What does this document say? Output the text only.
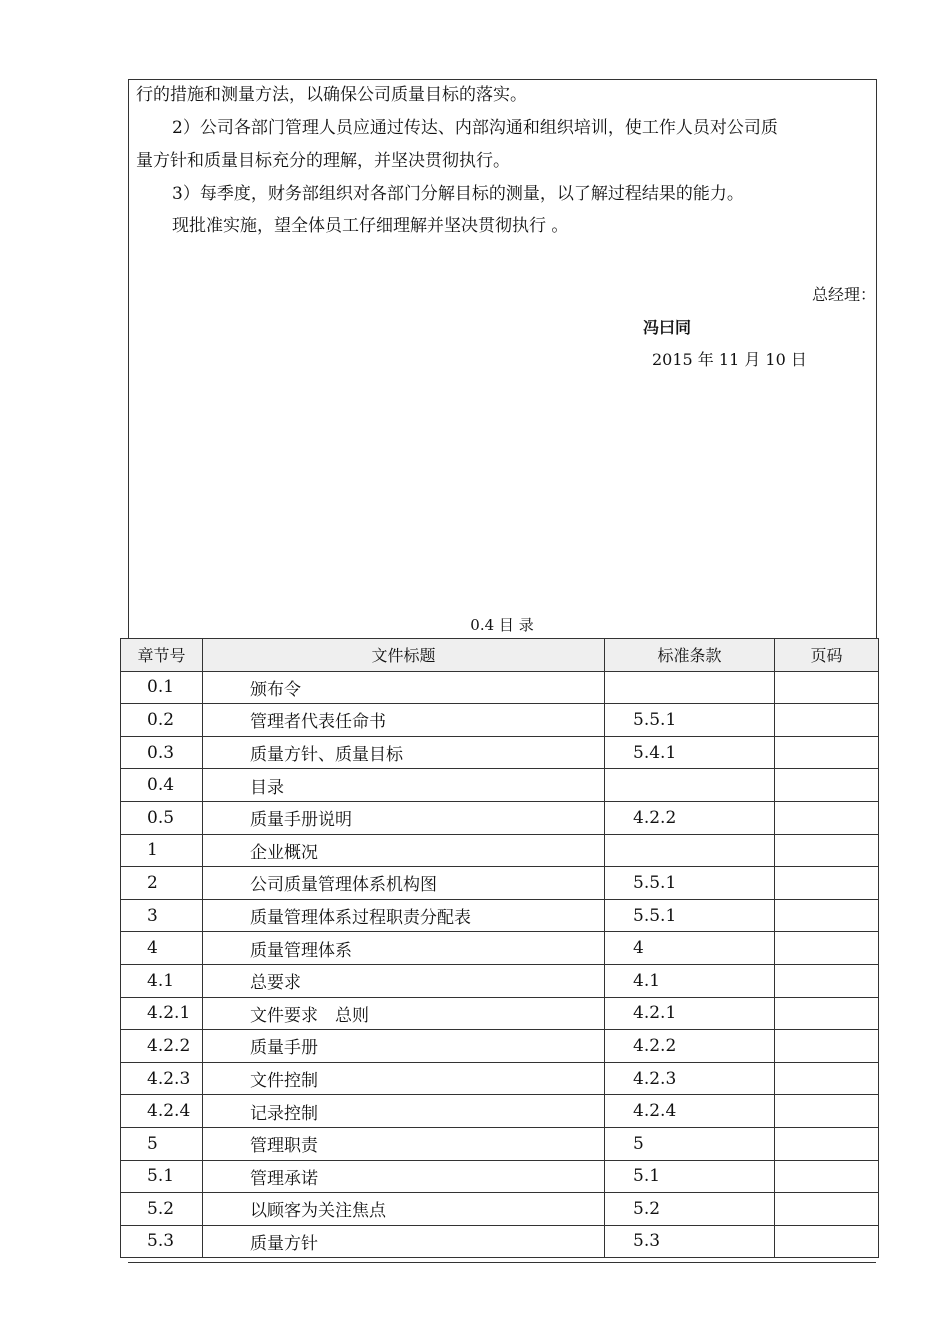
行的措施和测量方法，以确保公司质量目标的落实。
2）公司各部门管理人员应通过传达、内部沟通和组织培训，使工作人员对公司质
量方针和质量目标充分的理解，并坚决贯彻执行。
3）每季度，财务部组织对各部门分解目标的测量，以了解过程结果的能力。
现批准实施，望全体员工仔细理解并坚决贯彻执行 。
总经理：
冯曰同
2015 年 11 月 10 日
0.4 目 录
章节号	文件标题	标准条款	页码
0.1	颁布令		
0.2	管理者代表任命书	5.5.1	
0.3	质量方针、质量目标	5.4.1	
0.4	目录		
0.5	质量手册说明	4.2.2	
1	企业概况		
2	公司质量管理体系机构图	5.5.1	
3	质量管理体系过程职责分配表	5.5.1	
4	质量管理体系	4	
4.1	总要求	4.1	
4.2.1	文件要求　总则	4.2.1	
4.2.2	质量手册	4.2.2	
4.2.3	文件控制	4.2.3	
4.2.4	记录控制	4.2.4	
5	管理职责	5	
5.1	管理承诺	5.1	
5.2	以顾客为关注焦点	5.2	
5.3	质量方针	5.3	
